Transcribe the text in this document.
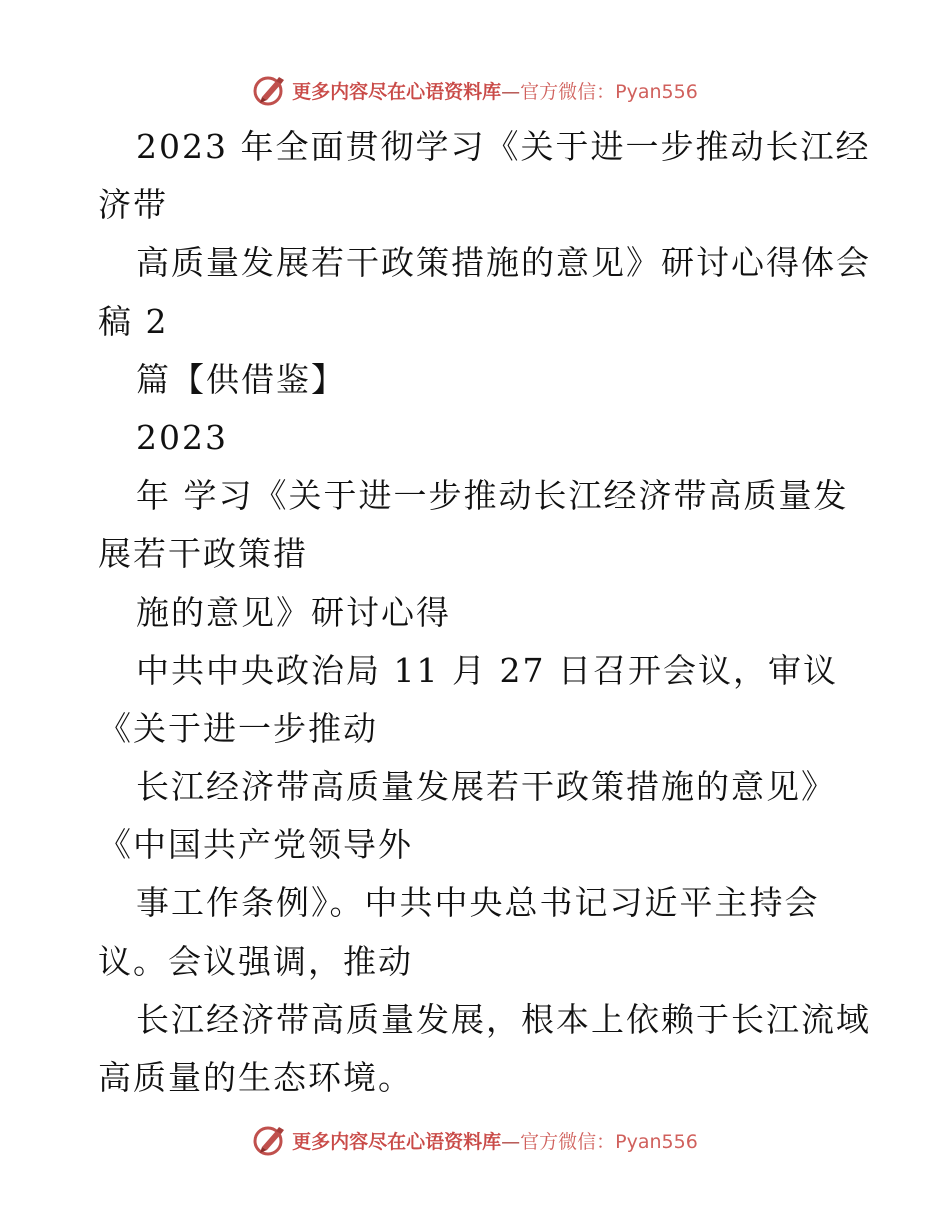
更多内容尽在心语资料库—官方微信：Pyan556
2023 年全面贯彻学习《关于进一步推动长江经
济带
高质量发展若干政策措施的意见》研讨心得体会
稿 2
篇【供借鉴】
2023
年 学习《关于进一步推动长江经济带高质量发
展若干政策措
施的意见》研讨心得
中共中央政治局 11 月 27 日召开会议，审议
《关于进一步推动
长江经济带高质量发展若干政策措施的意见》
《中国共产党领导外
事工作条例》。中共中央总书记习近平主持会
议。会议强调，推动
长江经济带高质量发展，根本上依赖于长江流域
高质量的生态环境。
更多内容尽在心语资料库—官方微信：Pyan556
